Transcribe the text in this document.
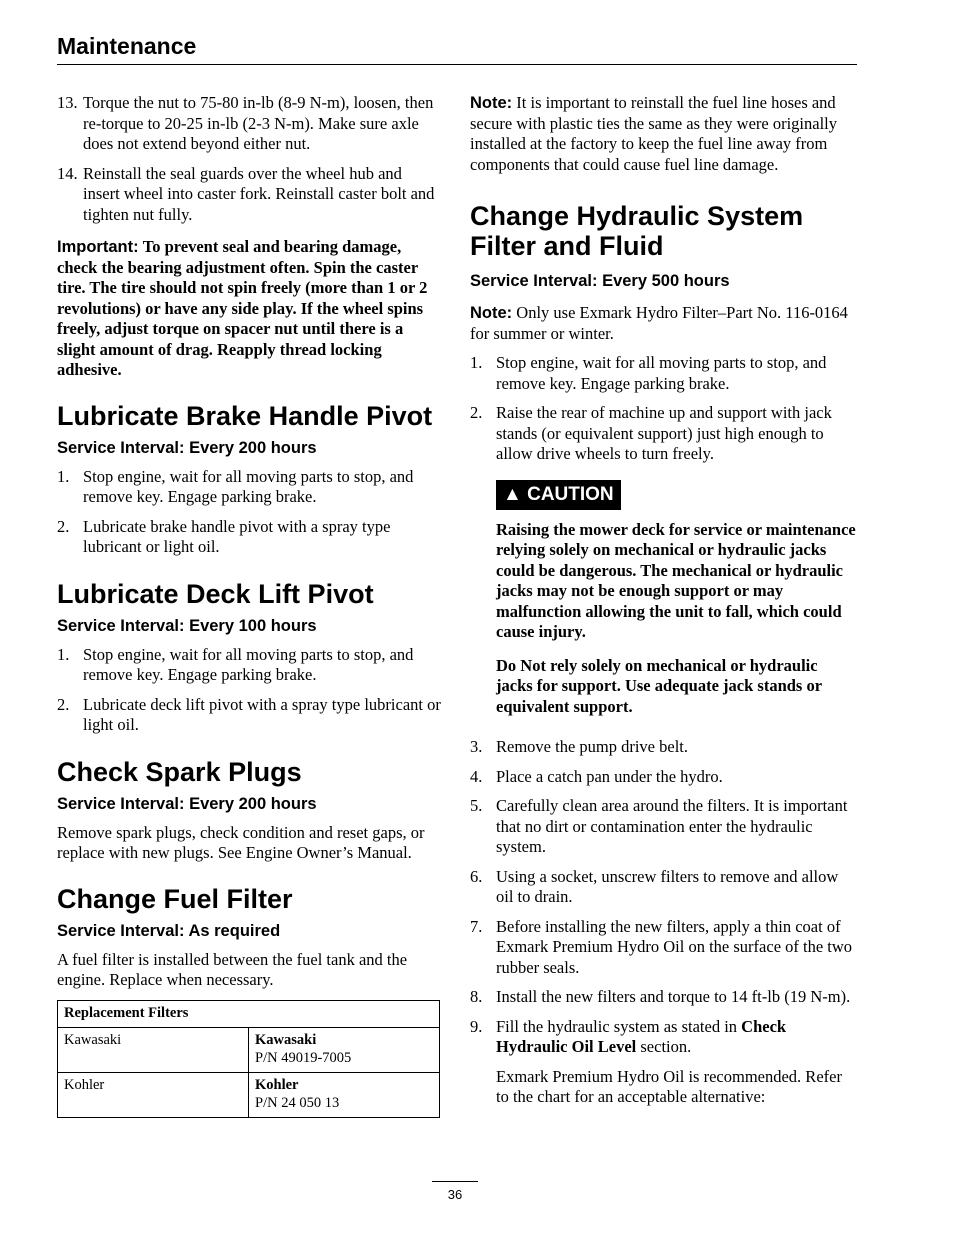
Maintenance
13. Torque the nut to 75-80 in-lb (8-9 N-m), loosen, then re-torque to 20-25 in-lb (2-3 N-m). Make sure axle does not extend beyond either nut.
14. Reinstall the seal guards over the wheel hub and insert wheel into caster fork. Reinstall caster bolt and tighten nut fully.

Important: To prevent seal and bearing damage, check the bearing adjustment often. Spin the caster tire. The tire should not spin freely (more than 1 or 2 revolutions) or have any side play. If the wheel spins freely, adjust torque on spacer nut until there is a slight amount of drag. Reapply thread locking adhesive.

Lubricate Brake Handle Pivot
Service Interval: Every 200 hours
1. Stop engine, wait for all moving parts to stop, and remove key. Engage parking brake.
2. Lubricate brake handle pivot with a spray type lubricant or light oil.
Lubricate Deck Lift Pivot
Service Interval: Every 100 hours
1. Stop engine, wait for all moving parts to stop, and remove key. Engage parking brake.
2. Lubricate deck lift pivot with a spray type lubricant or light oil.
Check Spark Plugs
Service Interval: Every 200 hours

Remove spark plugs, check condition and reset gaps, or replace with new plugs. See Engine Owner’s Manual.

Change Fuel Filter
Service Interval: As required

A fuel filter is installed between the fuel tank and the engine. Replace when necessary.

Replacement Filters	
Kawasaki	Kawasaki
P/N 49019-7005
Kohler	Kohler
P/N 24 050 13

Note: It is important to reinstall the fuel line hoses and secure with plastic ties the same as they were originally installed at the factory to keep the fuel line away from components that could cause fuel line damage.

Change Hydraulic System Filter and Fluid
Service Interval: Every 500 hours

Note: Only use Exmark Hydro Filter–Part No. 116-0164 for summer or winter.

1. Stop engine, wait for all moving parts to stop, and remove key. Engage parking brake.
2. Raise the rear of machine up and support with jack stands (or equivalent support) just high enough to allow drive wheels to turn freely.
▲ CAUTION

Raising the mower deck for service or maintenance relying solely on mechanical or hydraulic jacks could be dangerous. The mechanical or hydraulic jacks may not be enough support or may malfunction allowing the unit to fall, which could cause injury.

Do Not rely solely on mechanical or hydraulic jacks for support. Use adequate jack stands or equivalent support.

3. Remove the pump drive belt.
4. Place a catch pan under the hydro.
5. Carefully clean area around the filters. It is important that no dirt or contamination enter the hydraulic system.
6. Using a socket, unscrew filters to remove and allow oil to drain.
7. Before installing the new filters, apply a thin coat of Exmark Premium Hydro Oil on the surface of the two rubber seals.
8. Install the new filters and torque to 14 ft-lb (19 N-m).
9. Fill the hydraulic system as stated in Check Hydraulic Oil Level section.
Exmark Premium Hydro Oil is recommended. Refer to the chart for an acceptable alternative:
36
